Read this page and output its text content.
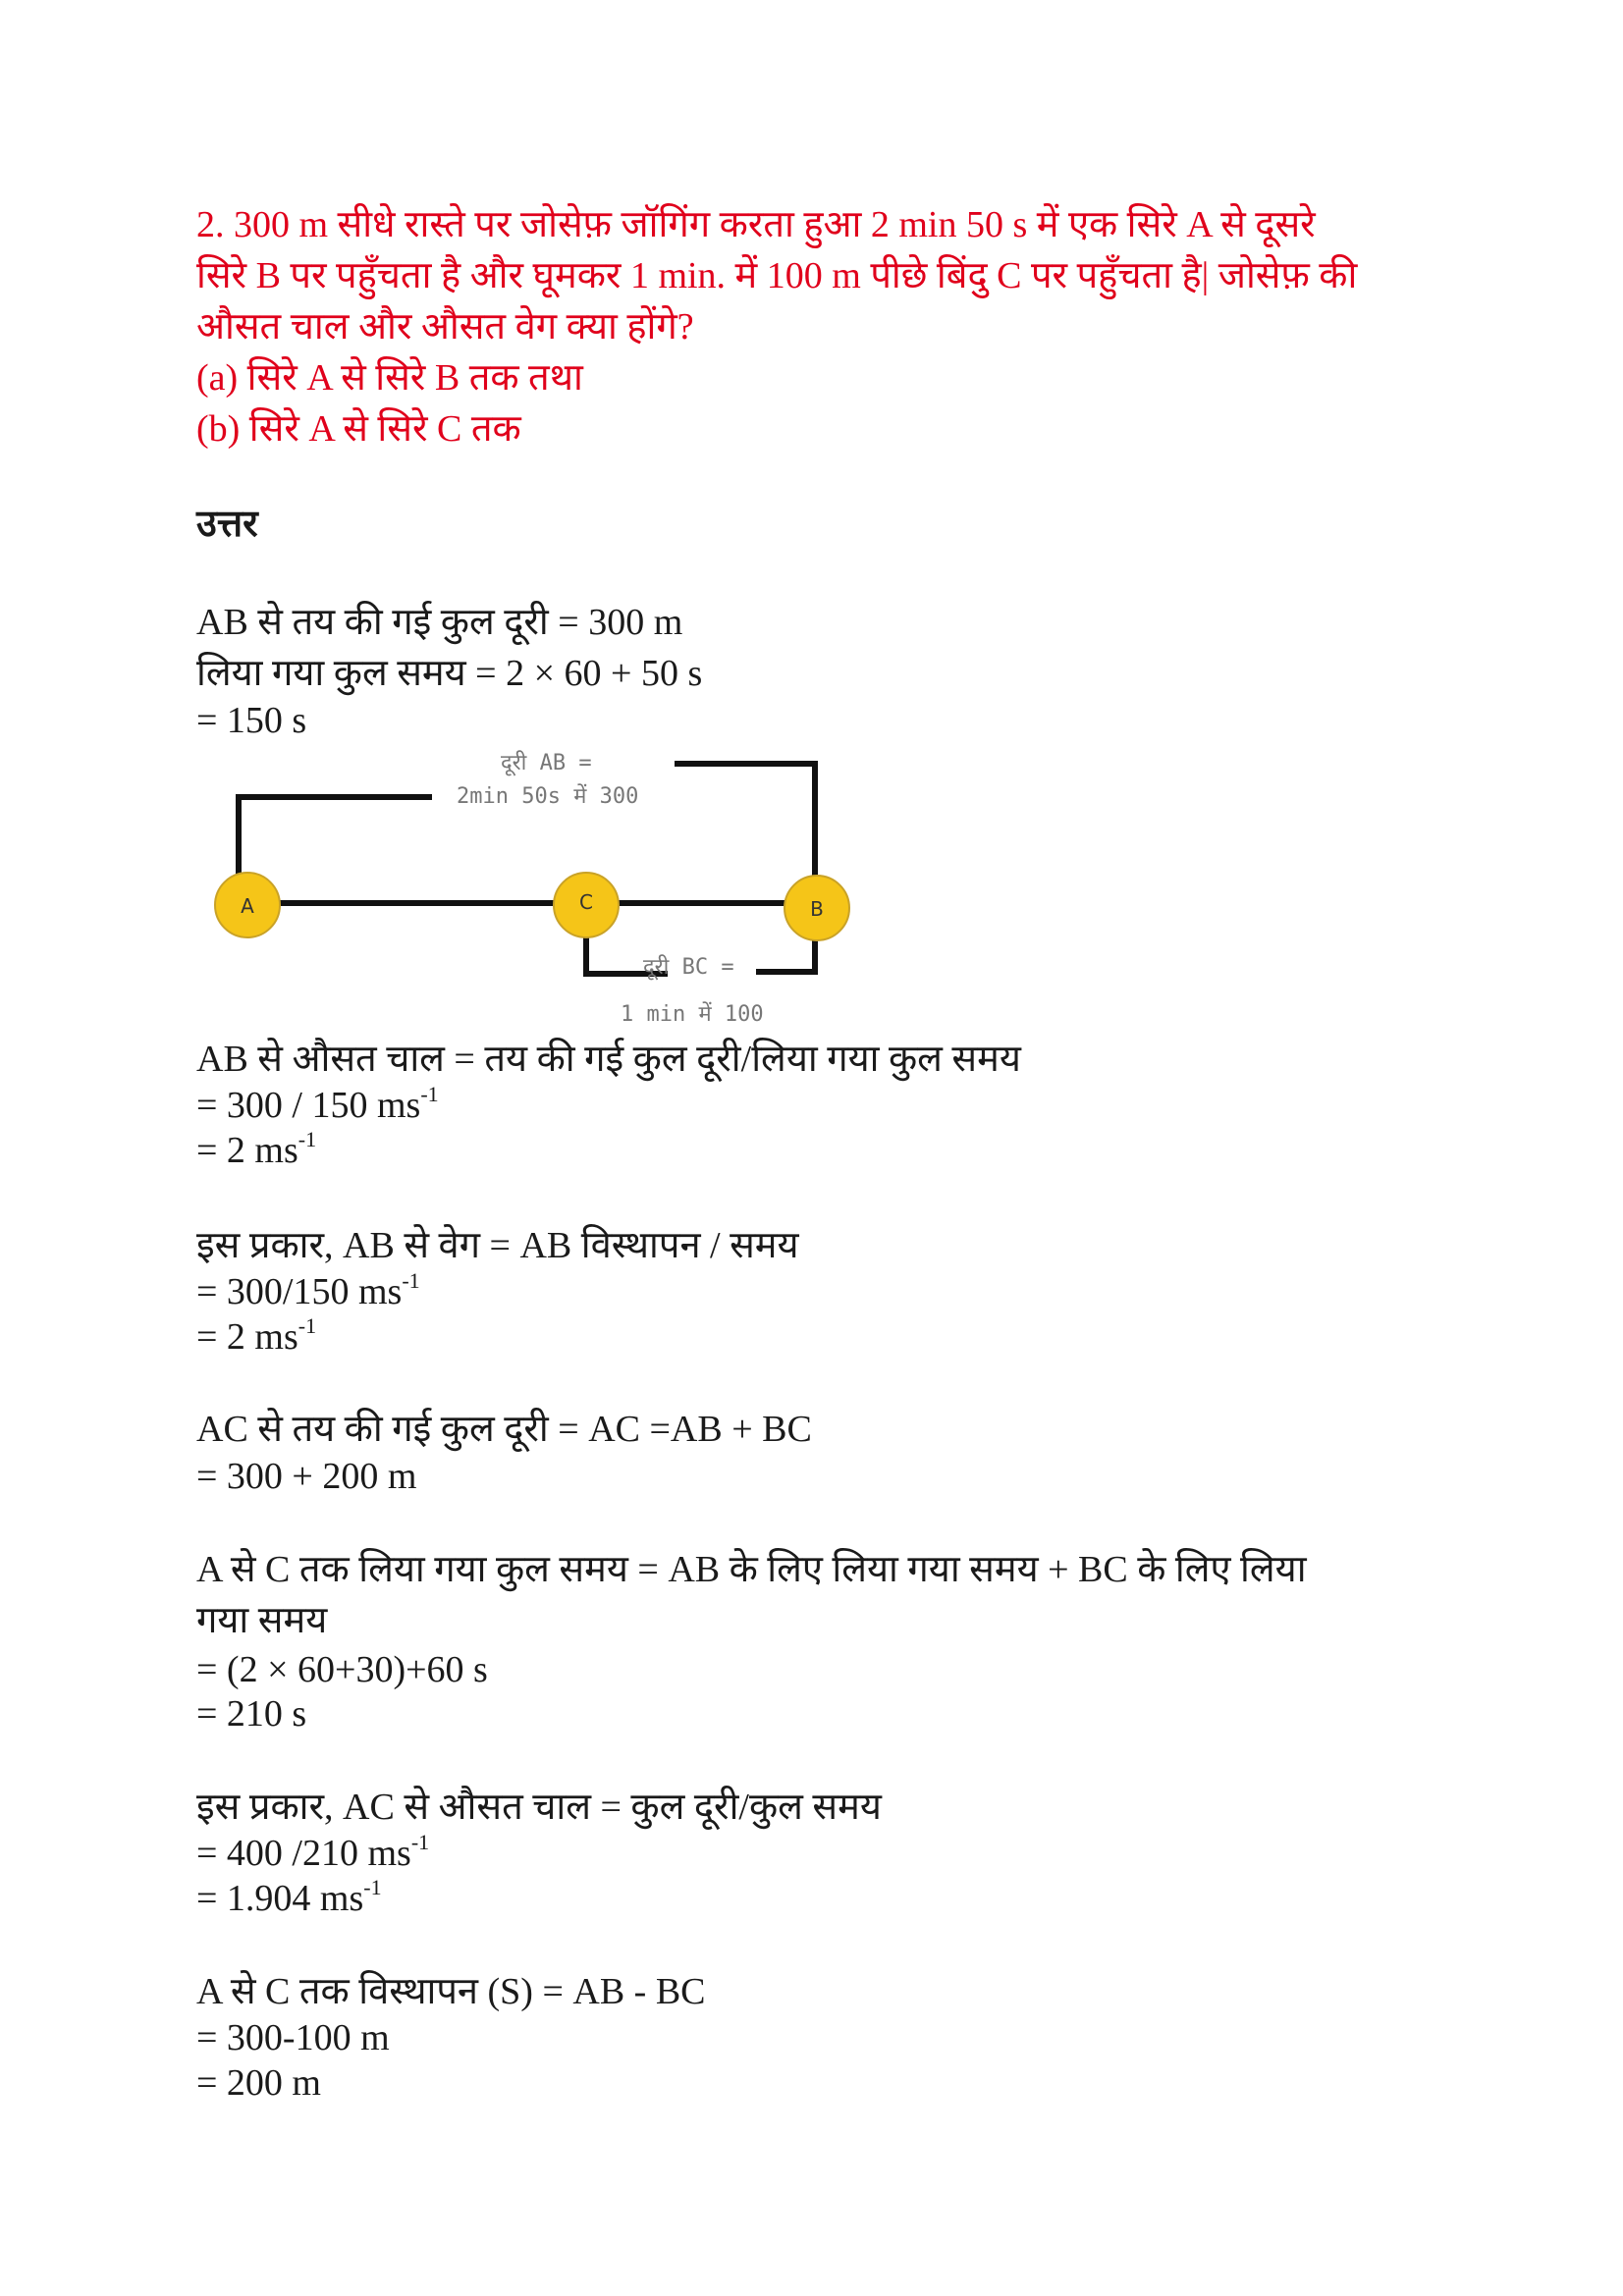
2. 300 m सीधे रास्ते पर जोसेफ़ जॉगिंग करता हुआ 2 min 50 s में एक सिरे A से दूसरे
सिरे B पर पहुँचता है और घूमकर 1 min. में 100 m पीछे बिंदु C पर पहुँचता है| जोसेफ़ की
औसत चाल और औसत वेग क्या होंगे?
(a) सिरे A से सिरे B तक तथा
(b) सिरे A से सिरे C तक
उत्तर
AB से तय की गई कुल दूरी = 300 m
लिया गया कुल समय = 2 × 60 + 50 s
= 150 s
दूरी AB =
2min 50s में 300
दूरी BC =
1 min में 100
A	C	B
AB से औसत चाल = तय की गई कुल दूरी/लिया गया कुल समय
= 300 / 150 $ms^{-1}$
= 2 $ms^{-1}$
इस प्रकार, AB से वेग = AB विस्थापन / समय
= 300/150 $ms^{-1}$
= 2 $ms^{-1}$
AC से तय की गई कुल दूरी = AC =AB + BC
= 300 + 200 m
A से C तक लिया गया कुल समय = AB के लिए लिया गया समय + BC के लिए लिया
गया समय
= (2 × 60+30)+60 s
= 210 s
इस प्रकार, AC से औसत चाल = कुल दूरी/कुल समय
= 400 /210 $ms^{-1}$
= 1.904 $ms^{-1}$
A से C तक विस्थापन (S) = AB - BC
= 300-100 m
= 200 m
